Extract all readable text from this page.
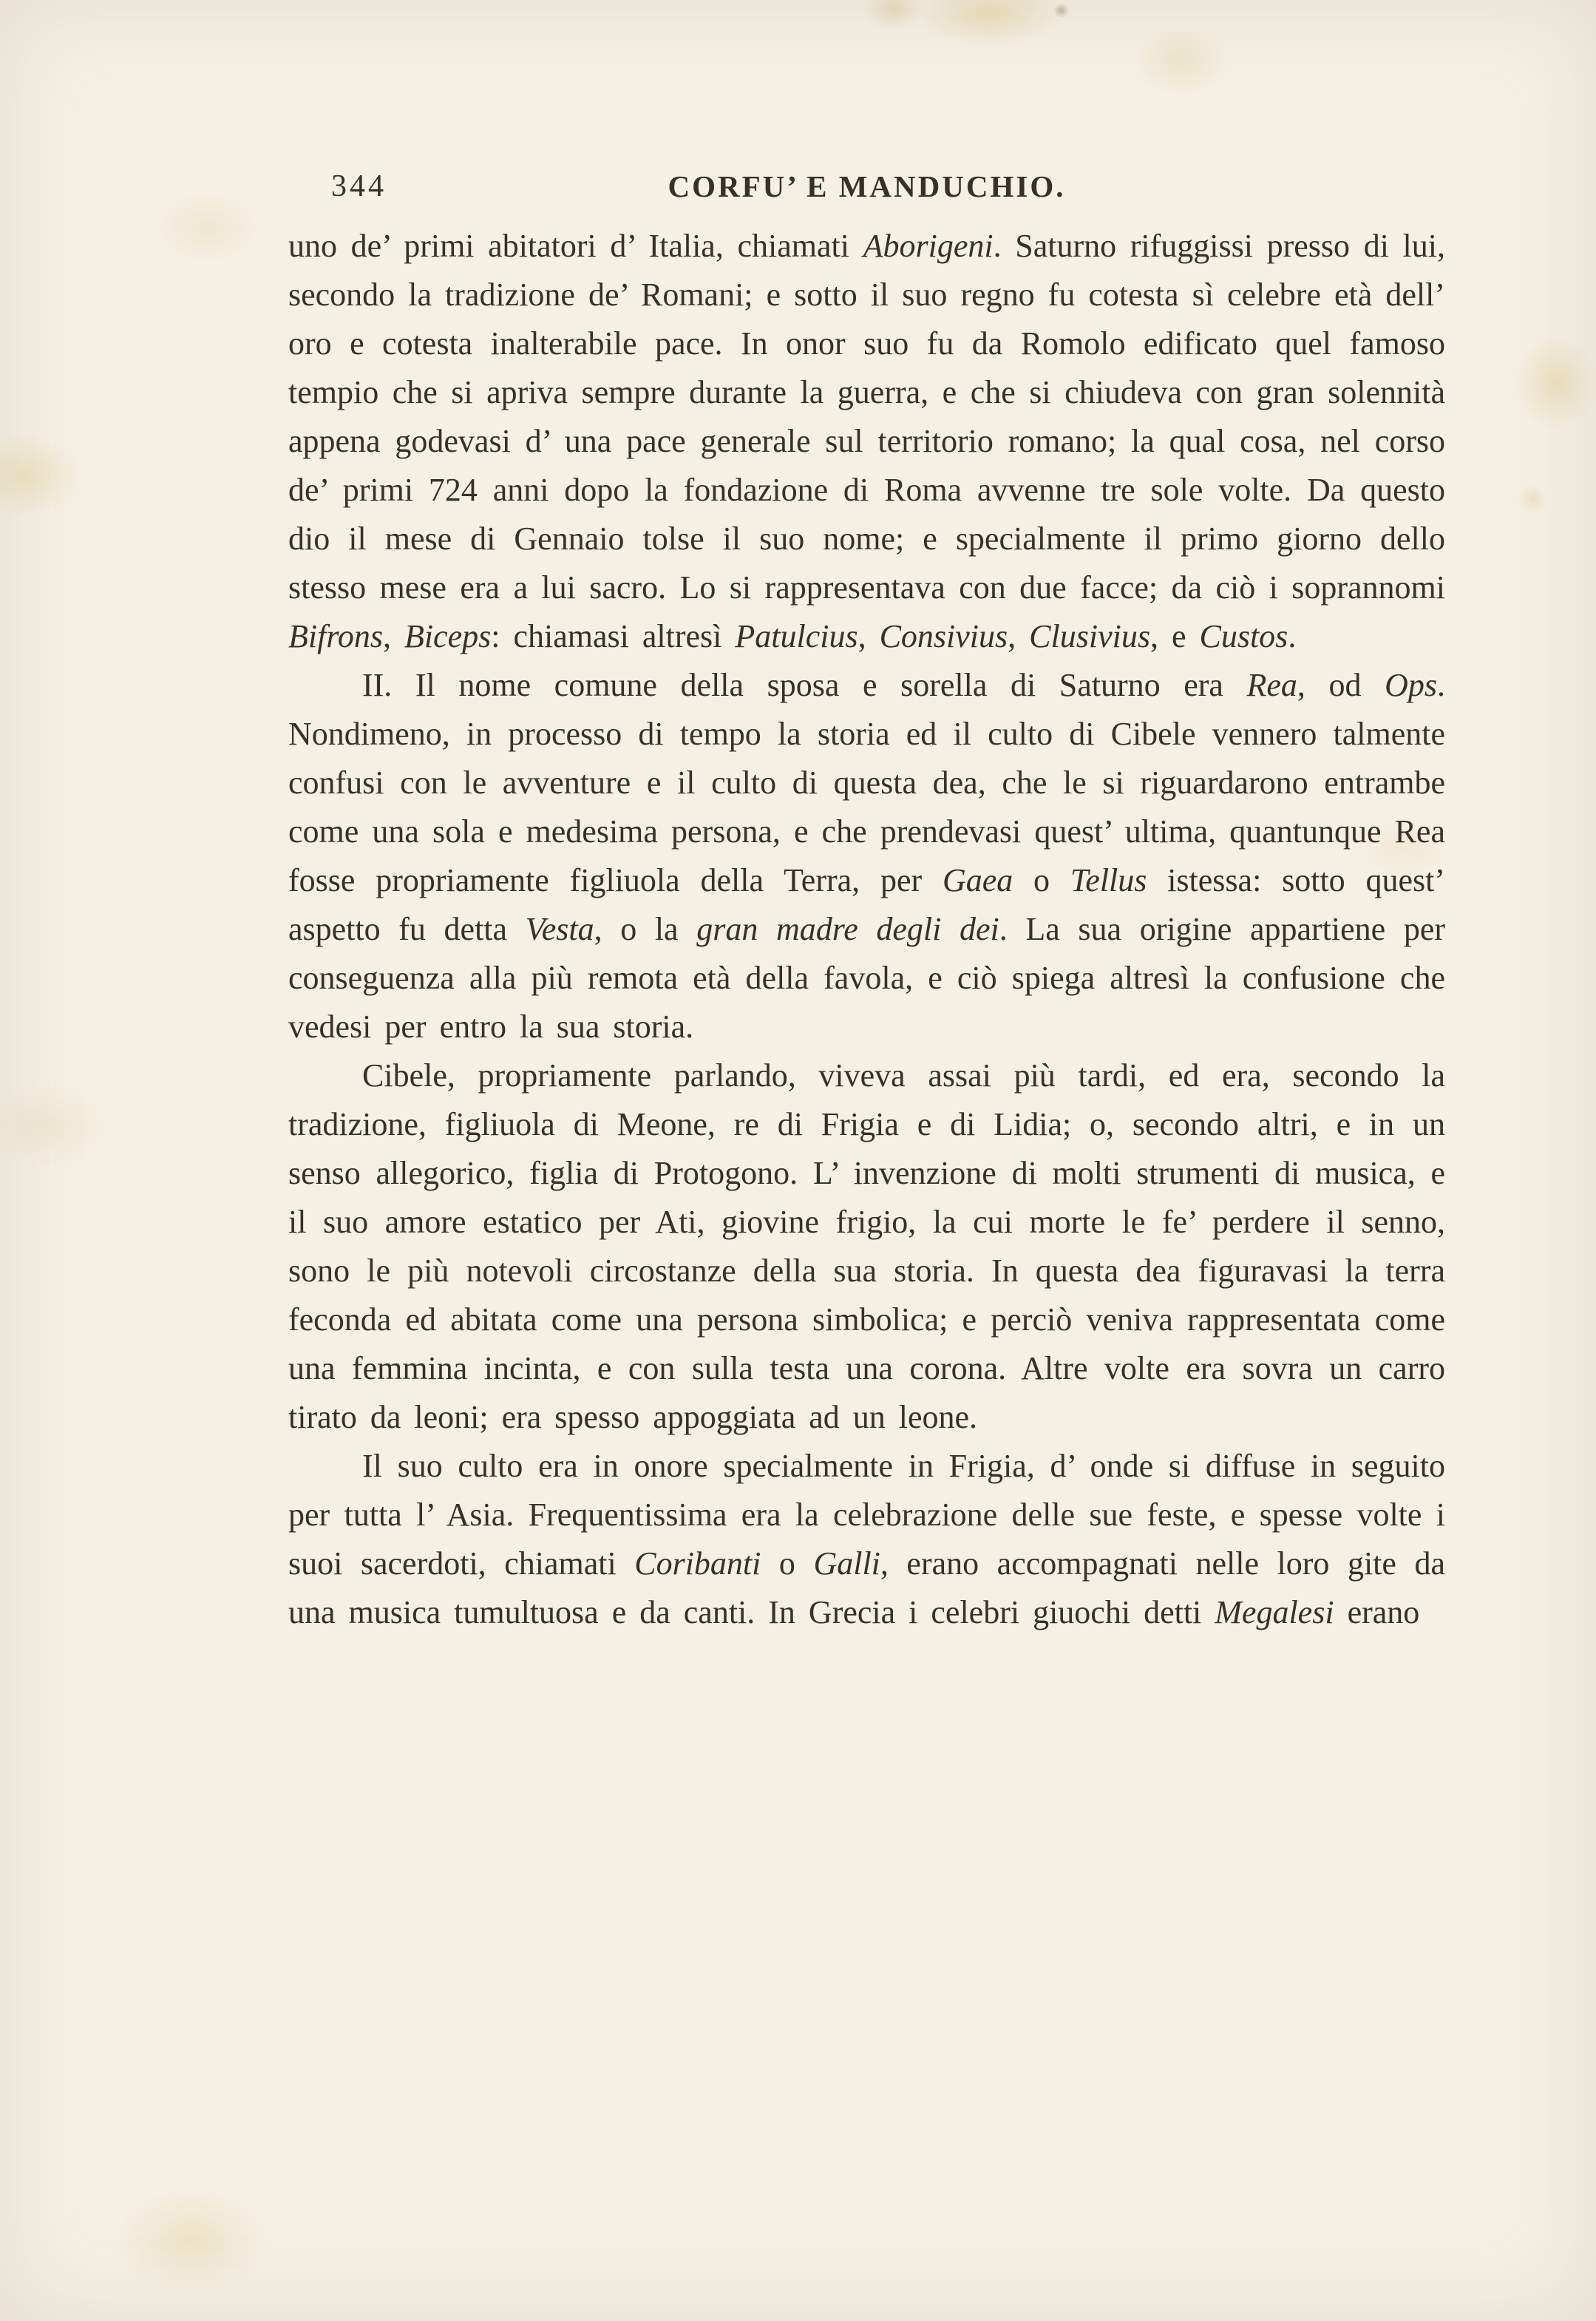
344	CORFU’ E MANDUCHIO.

uno de’ primi abitatori d’ Italia, chiamati Aborigeni. Saturno rifuggissi presso di lui, secondo la tradizione de’ Romani; e sotto il suo regno fu cotesta sì celebre età dell’ oro e cotesta inalterabile pace. In onor suo fu da Romolo edificato quel famoso tempio che si apriva sempre durante la guerra, e che si chiudeva con gran solennità appena godevasi d’ una pace generale sul territorio romano; la qual cosa, nel corso de’ primi 724 anni dopo la fondazione di Roma avvenne tre sole volte. Da questo dio il mese di Gennaio tolse il suo nome; e specialmente il primo giorno dello stesso mese era a lui sacro. Lo si rappresentava con due facce; da ciò i soprannomi Bifrons, Biceps: chiamasi altresì Patulcius, Consivius, Clusivius, e Custos.

II. Il nome comune della sposa e sorella di Saturno era Rea, od Ops. Nondimeno, in processo di tempo la storia ed il culto di Cibele vennero talmente confusi con le avventure e il culto di questa dea, che le si riguardarono entrambe come una sola e medesima persona, e che prendevasi quest’ ultima, quantunque Rea fosse propriamente figliuola della Terra, per Gaea o Tellus istessa: sotto quest’ aspetto fu detta Vesta, o la gran madre degli dei. La sua origine appartiene per conseguenza alla più remota età della favola, e ciò spiega altresì la confusione che vedesi per entro la sua storia.

Cibele, propriamente parlando, viveva assai più tardi, ed era, secondo la tradizione, figliuola di Meone, re di Frigia e di Lidia; o, secondo altri, e in un senso allegorico, figlia di Protogono. L’ invenzione di molti strumenti di musica, e il suo amore estatico per Ati, giovine frigio, la cui morte le fe’ perdere il senno, sono le più notevoli circostanze della sua storia. In questa dea figuravasi la terra feconda ed abitata come una persona simbolica; e perciò veniva rappresentata come una femmina incinta, e con sulla testa una corona. Altre volte era sovra un carro tirato da leoni; era spesso appoggiata ad un leone.

Il suo culto era in onore specialmente in Frigia, d’ onde si diffuse in seguito per tutta l’ Asia. Frequentissima era la celebrazione delle sue feste, e spesse volte i suoi sacerdoti, chiamati Coribanti o Galli, erano accompagnati nelle loro gite da una musica tumultuosa e da canti. In Grecia i celebri giuochi detti Megalesi erano
